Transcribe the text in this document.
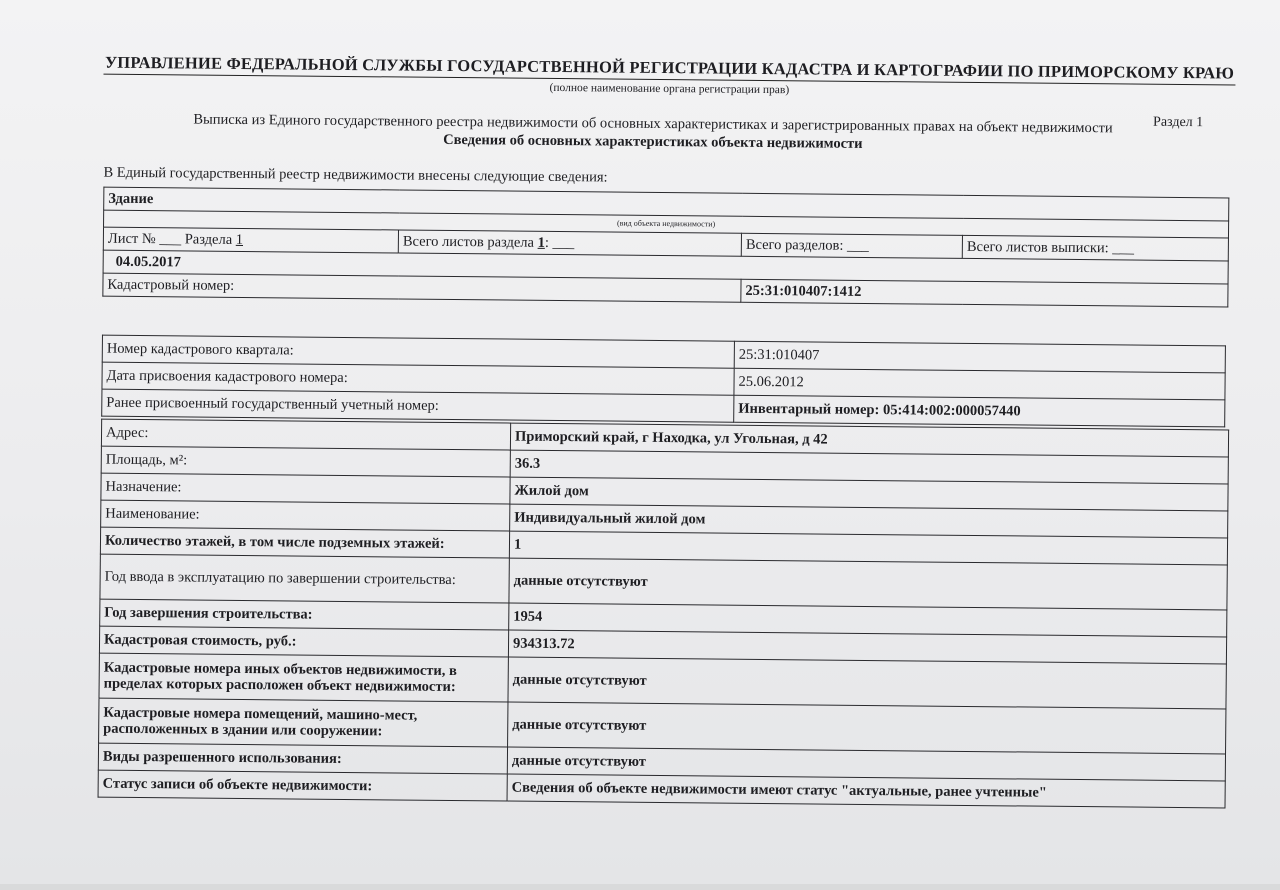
УПРАВЛЕНИЕ ФЕДЕРАЛЬНОЙ СЛУЖБЫ ГОСУДАРСТВЕННОЙ РЕГИСТРАЦИИ КАДАСТРА И КАРТОГРАФИИ ПО ПРИМОРСКОМУ КРАЮ
(полное наименование органа регистрации прав)
Раздел 1
Выписка из Единого государственного реестра недвижимости об основных характеристиках и зарегистрированных правах на объект недвижимости
Сведения об основных характеристиках объекта недвижимости
В Единый государственный реестр недвижимости внесены следующие сведения:
Здание			
(вид объекта недвижимости)			
Лист № ___ Раздела 1	Всего листов раздела 1: ___	Всего разделов: ___	Всего листов выписки: ___
04.05.2017			
Кадастровый номер:		25:31:010407:1412	
Номер кадастрового квартала:	25:31:010407
Дата присвоения кадастрового номера:	25.06.2012
Ранее присвоенный государственный учетный номер:	Инвентарный номер: 05:414:002:000057440
Адрес:	Приморский край, г Находка, ул Угольная, д 42
Площадь, м²:	36.3
Назначение:	Жилой дом
Наименование:	Индивидуальный жилой дом
Количество этажей, в том числе подземных этажей:	1
Год ввода в эксплуатацию по завершении строительства:	данные отсутствуют
Год завершения строительства:	1954
Кадастровая стоимость, руб.:	934313.72
Кадастровые номера иных объектов недвижимости, в пределах которых расположен объект недвижимости:	данные отсутствуют
Кадастровые номера помещений, машино-мест, расположенных в здании или сооружении:	данные отсутствуют
Виды разрешенного использования:	данные отсутствуют
Статус записи об объекте недвижимости:	Сведения об объекте недвижимости имеют статус "актуальные, ранее учтенные"
